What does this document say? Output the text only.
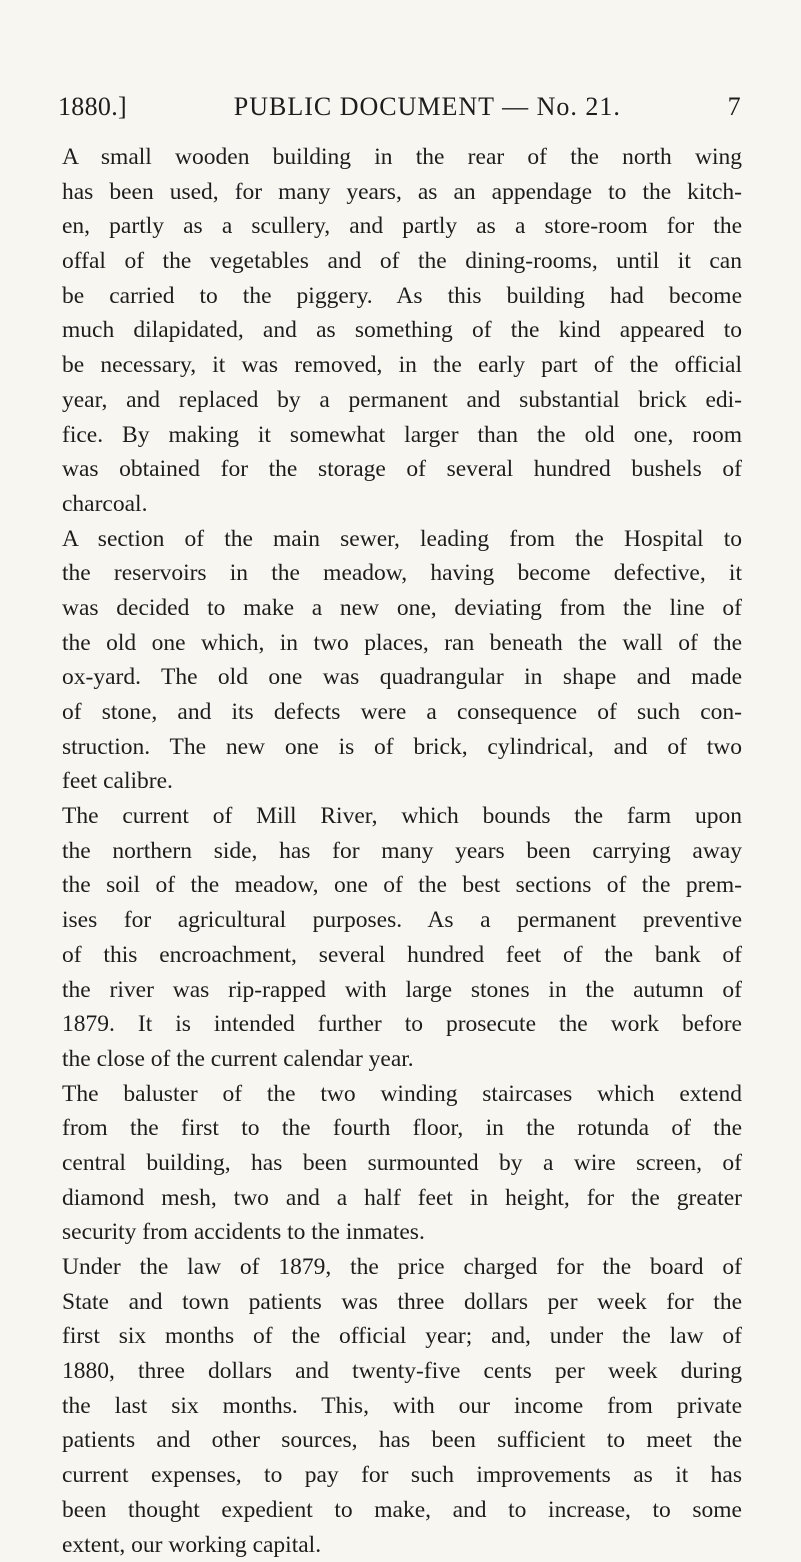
1880.]	PUBLIC DOCUMENT — No. 21.	7
A small wooden building in the rear of the north wing
has been used, for many years, as an appendage to the kitch-
en, partly as a scullery, and partly as a store-room for the
offal of the vegetables and of the dining-rooms, until it can
be carried to the piggery. As this building had become
much dilapidated, and as something of the kind appeared to
be necessary, it was removed, in the early part of the official
year, and replaced by a permanent and substantial brick edi-
fice. By making it somewhat larger than the old one, room
was obtained for the storage of several hundred bushels of
charcoal.
A section of the main sewer, leading from the Hospital to
the reservoirs in the meadow, having become defective, it
was decided to make a new one, deviating from the line of
the old one which, in two places, ran beneath the wall of the
ox-yard. The old one was quadrangular in shape and made
of stone, and its defects were a consequence of such con-
struction. The new one is of brick, cylindrical, and of two
feet calibre.
The current of Mill River, which bounds the farm upon
the northern side, has for many years been carrying away
the soil of the meadow, one of the best sections of the prem-
ises for agricultural purposes. As a permanent preventive
of this encroachment, several hundred feet of the bank of
the river was rip-rapped with large stones in the autumn of
1879. It is intended further to prosecute the work before
the close of the current calendar year.
The baluster of the two winding staircases which extend
from the first to the fourth floor, in the rotunda of the
central building, has been surmounted by a wire screen, of
diamond mesh, two and a half feet in height, for the greater
security from accidents to the inmates.
Under the law of 1879, the price charged for the board of
State and town patients was three dollars per week for the
first six months of the official year; and, under the law of
1880, three dollars and twenty-five cents per week during
the last six months. This, with our income from private
patients and other sources, has been sufficient to meet the
current expenses, to pay for such improvements as it has
been thought expedient to make, and to increase, to some
extent, our working capital.
